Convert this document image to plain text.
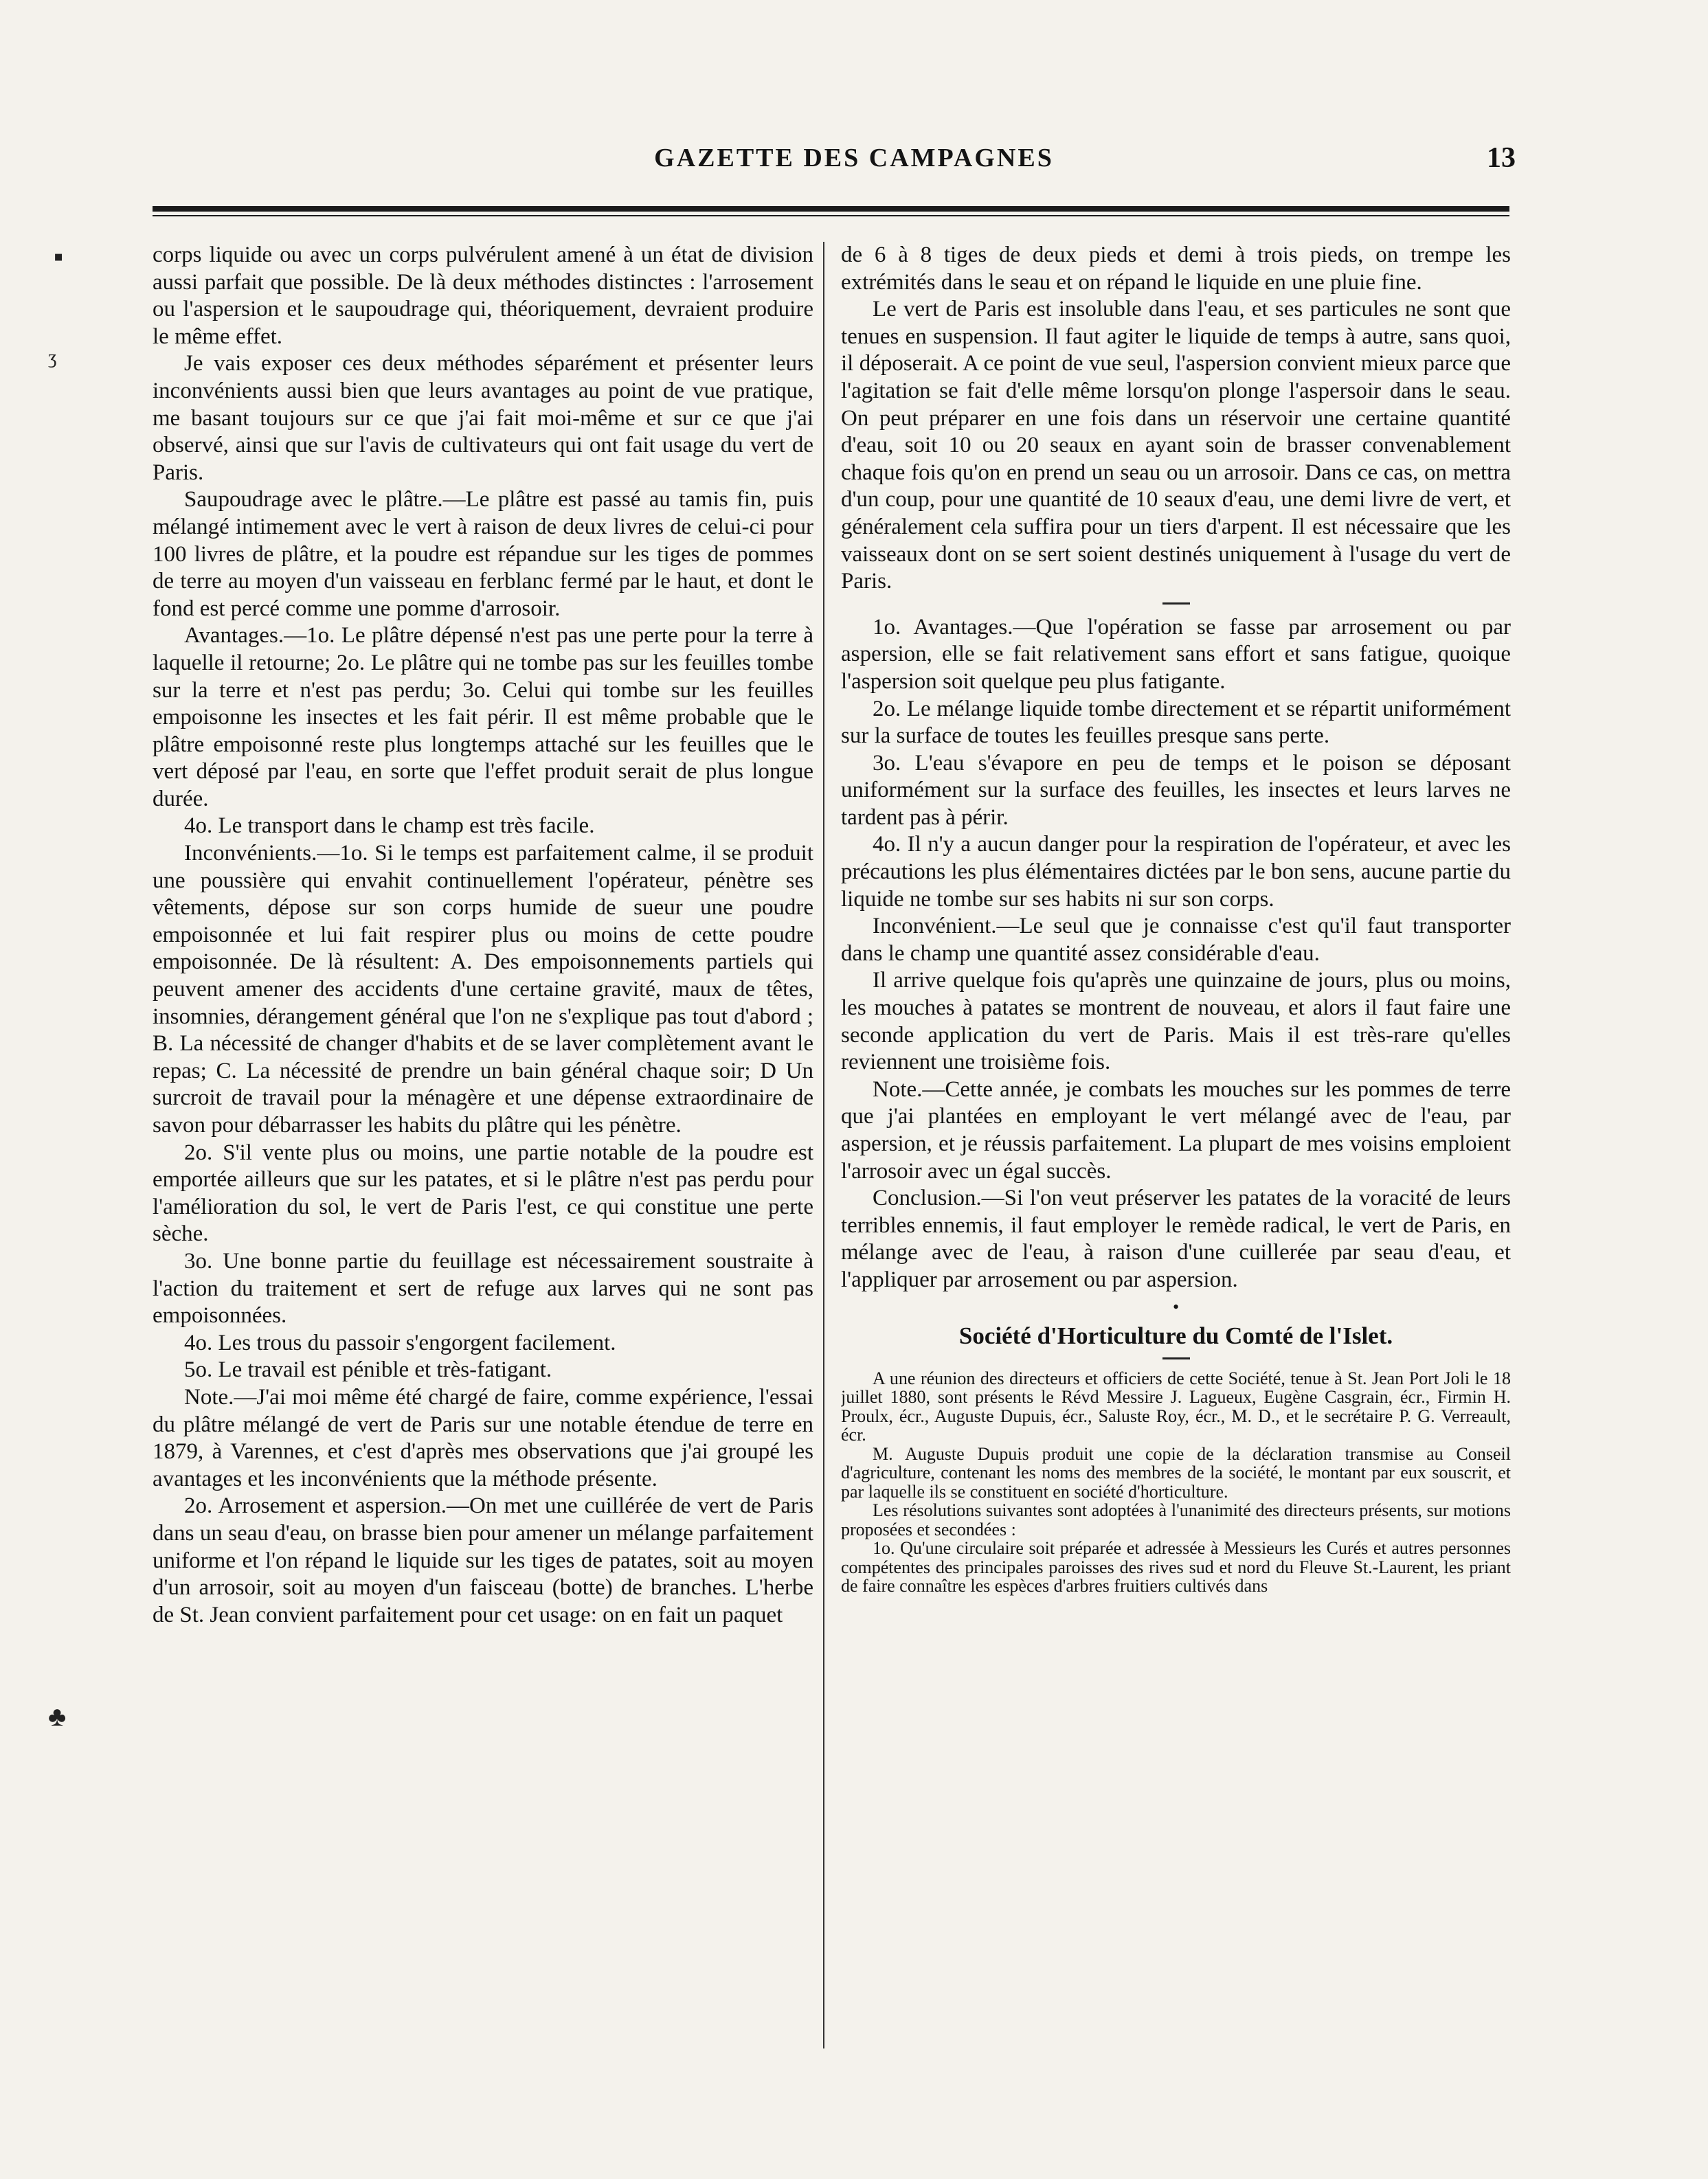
GAZETTE DES CAMPAGNES	13
▪
ʒ
♣

corps liquide ou avec un corps pulvérulent amené à un état de division aussi parfait que possible. De là deux méthodes distinctes : l'arrosement ou l'aspersion et le saupoudrage qui, théoriquement, devraient produire le même effet.

Je vais exposer ces deux méthodes séparément et présenter leurs inconvénients aussi bien que leurs avantages au point de vue pratique, me basant toujours sur ce que j'ai fait moi-même et sur ce que j'ai observé, ainsi que sur l'avis de cultivateurs qui ont fait usage du vert de Paris.

Saupoudrage avec le plâtre.—Le plâtre est passé au tamis fin, puis mélangé intimement avec le vert à raison de deux livres de celui-ci pour 100 livres de plâtre, et la poudre est répandue sur les tiges de pommes de terre au moyen d'un vaisseau en ferblanc fermé par le haut, et dont le fond est percé comme une pomme d'arrosoir.

Avantages.—1o. Le plâtre dépensé n'est pas une perte pour la terre à laquelle il retourne; 2o. Le plâtre qui ne tombe pas sur les feuilles tombe sur la terre et n'est pas perdu; 3o. Celui qui tombe sur les feuilles empoisonne les insectes et les fait périr. Il est même probable que le plâtre empoisonné reste plus longtemps attaché sur les feuilles que le vert déposé par l'eau, en sorte que l'effet produit serait de plus longue durée.

4o. Le transport dans le champ est très facile.

Inconvénients.—1o. Si le temps est parfaitement calme, il se produit une poussière qui envahit continuellement l'opérateur, pénètre ses vêtements, dépose sur son corps humide de sueur une poudre empoisonnée et lui fait respirer plus ou moins de cette poudre empoisonnée. De là résultent: A. Des empoisonnements partiels qui peuvent amener des accidents d'une certaine gravité, maux de têtes, insomnies, dérangement général que l'on ne s'explique pas tout d'abord ; B. La nécessité de changer d'habits et de se laver complètement avant le repas; C. La nécessité de prendre un bain général chaque soir; D Un surcroit de travail pour la ménagère et une dépense extraordinaire de savon pour débarrasser les habits du plâtre qui les pénètre.

2o. S'il vente plus ou moins, une partie notable de la poudre est emportée ailleurs que sur les patates, et si le plâtre n'est pas perdu pour l'amélioration du sol, le vert de Paris l'est, ce qui constitue une perte sèche.

3o. Une bonne partie du feuillage est nécessairement soustraite à l'action du traitement et sert de refuge aux larves qui ne sont pas empoisonnées.

4o. Les trous du passoir s'engorgent facilement.

5o. Le travail est pénible et très-fatigant.

Note.—J'ai moi même été chargé de faire, comme expérience, l'essai du plâtre mélangé de vert de Paris sur une notable étendue de terre en 1879, à Varennes, et c'est d'après mes observations que j'ai groupé les avantages et les inconvénients que la méthode présente.

2o. Arrosement et aspersion.—On met une cuillérée de vert de Paris dans un seau d'eau, on brasse bien pour amener un mélange parfaitement uniforme et l'on répand le liquide sur les tiges de patates, soit au moyen d'un arrosoir, soit au moyen d'un faisceau (botte) de branches. L'herbe de St. Jean convient parfaitement pour cet usage: on en fait un paquet

de 6 à 8 tiges de deux pieds et demi à trois pieds, on trempe les extrémités dans le seau et on répand le liquide en une pluie fine.

Le vert de Paris est insoluble dans l'eau, et ses particules ne sont que tenues en suspension. Il faut agiter le liquide de temps à autre, sans quoi, il déposerait. A ce point de vue seul, l'aspersion convient mieux parce que l'agitation se fait d'elle même lorsqu'on plonge l'aspersoir dans le seau. On peut préparer en une fois dans un réservoir une certaine quantité d'eau, soit 10 ou 20 seaux en ayant soin de brasser convenablement chaque fois qu'on en prend un seau ou un arrosoir. Dans ce cas, on mettra d'un coup, pour une quantité de 10 seaux d'eau, une demi livre de vert, et généralement cela suffira pour un tiers d'arpent. Il est nécessaire que les vaisseaux dont on se sert soient destinés uniquement à l'usage du vert de Paris.

1o. Avantages.—Que l'opération se fasse par arrosement ou par aspersion, elle se fait relativement sans effort et sans fatigue, quoique l'aspersion soit quelque peu plus fatigante.

2o. Le mélange liquide tombe directement et se répartit uniformément sur la surface de toutes les feuilles presque sans perte.

3o. L'eau s'évapore en peu de temps et le poison se déposant uniformément sur la surface des feuilles, les insectes et leurs larves ne tardent pas à périr.

4o. Il n'y a aucun danger pour la respiration de l'opérateur, et avec les précautions les plus élémentaires dictées par le bon sens, aucune partie du liquide ne tombe sur ses habits ni sur son corps.

Inconvénient.—Le seul que je connaisse c'est qu'il faut transporter dans le champ une quantité assez considérable d'eau.

Il arrive quelque fois qu'après une quinzaine de jours, plus ou moins, les mouches à patates se montrent de nouveau, et alors il faut faire une seconde application du vert de Paris. Mais il est très-rare qu'elles reviennent une troisième fois.

Note.—Cette année, je combats les mouches sur les pommes de terre que j'ai plantées en employant le vert mélangé avec de l'eau, par aspersion, et je réussis parfaitement. La plupart de mes voisins emploient l'arrosoir avec un égal succès.

Conclusion.—Si l'on veut préserver les patates de la voracité de leurs terribles ennemis, il faut employer le remède radical, le vert de Paris, en mélange avec de l'eau, à raison d'une cuillerée par seau d'eau, et l'appliquer par arrosement ou par aspersion.

•
Société d'Horticulture du Comté de l'Islet.

A une réunion des directeurs et officiers de cette Société, tenue à St. Jean Port Joli le 18 juillet 1880, sont présents le Révd Messire J. Lagueux, Eugène Casgrain, écr., Firmin H. Proulx, écr., Auguste Dupuis, écr., Saluste Roy, écr., M. D., et le secrétaire P. G. Verreault, écr.

M. Auguste Dupuis produit une copie de la déclaration transmise au Conseil d'agriculture, contenant les noms des membres de la société, le montant par eux souscrit, et par laquelle ils se constituent en société d'horticulture.

Les résolutions suivantes sont adoptées à l'unanimité des directeurs présents, sur motions proposées et secondées :

1o. Qu'une circulaire soit préparée et adressée à Messieurs les Curés et autres personnes compétentes des principales paroisses des rives sud et nord du Fleuve St.-Laurent, les priant de faire connaître les espèces d'arbres fruitiers cultivés dans
